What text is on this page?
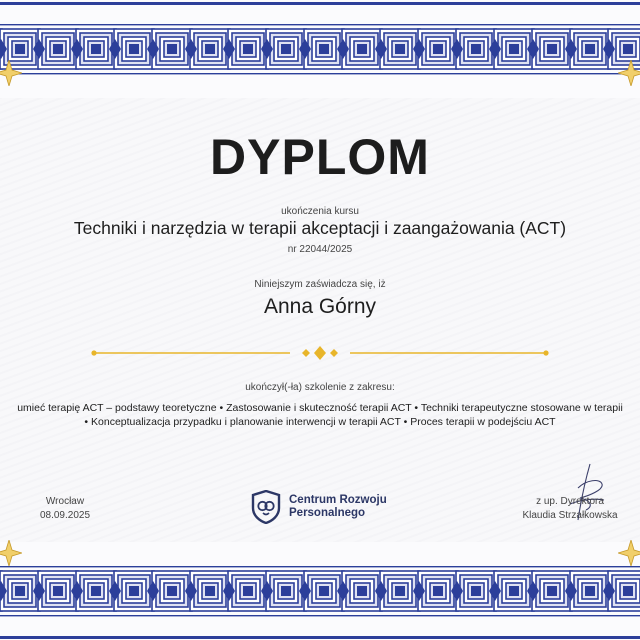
DYPLOM
ukończenia kursu
Techniki i narzędzia w terapii akceptacji i zaangażowania (ACT)
nr 22044/2025
Niniejszym zaświadcza się, iż
Anna Górny
ukończył(-ła) szkolenie z zakresu:
umieć terapię ACT – podstawy teoretyczne • Zastosowanie i skuteczność terapii ACT • Techniki terapeutyczne stosowane w terapii
• Konceptualizacja przypadku i planowanie interwencji w terapii ACT • Proces terapii w podejściu ACT
Wrocław
08.09.2025
Centrum Rozwoju
Personalnego
z up. Dyrektora
Klaudia Strzałkowska
